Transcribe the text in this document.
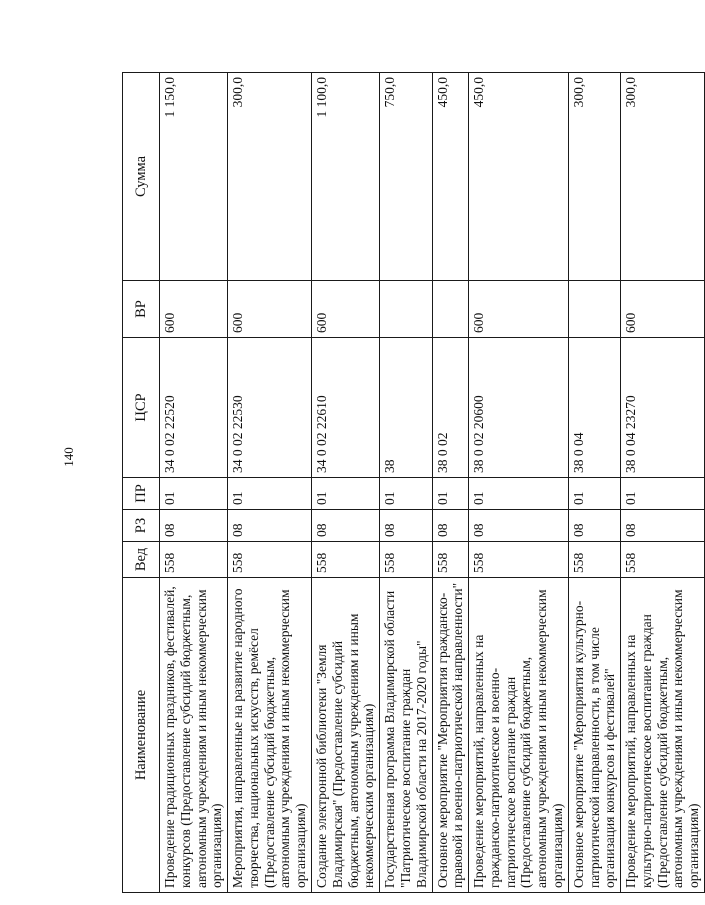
140
Наименование	Вед	РЗ	ПР	ЦСР	ВР	Сумма
Проведение традиционных праздников, фестивалей, конкурсов (Предоставление субсидий бюджетным, автономным учреждениям и иным некоммерческим организациям)	558	08	01	34 0 02 22520	600	1 150,0
Мероприятия, направленные на развитие народного творчества, национальных искусств, ремёсел (Предоставление субсидий бюджетным, автономным учреждениям и иным некоммерческим организациям)	558	08	01	34 0 02 22530	600	300,0
Создание электронной библиотеки "Земля Владимирская" (Предоставление субсидий бюджетным, автономным учреждениям и иным некоммерческим организациям)	558	08	01	34 0 02 22610	600	1 100,0
Государственная программа Владимирской области "Патриотическое воспитание граждан Владимирской области на 2017-2020 годы"	558	08	01	38		750,0
Основное мероприятие "Мероприятия гражданско-правовой и военно-патриотической направленности"	558	08	01	38 0 02		450,0
Проведение мероприятий, направленных на гражданско-патриотическое и военно-патриотическое воспитание граждан (Предоставление субсидий бюджетным, автономным учреждениям и иным некоммерческим организациям)	558	08	01	38 0 02 20600	600	450,0
Основное мероприятие "Мероприятия культурно-патриотической направленности, в том числе организация конкурсов и фестивалей"	558	08	01	38 0 04		300,0
Проведение мероприятий, направленных на культурно-патриотическое воспитание граждан (Предоставление субсидий бюджетным, автономным учреждениям и иным некоммерческим организациям)	558	08	01	38 0 04 23270	600	300,0
